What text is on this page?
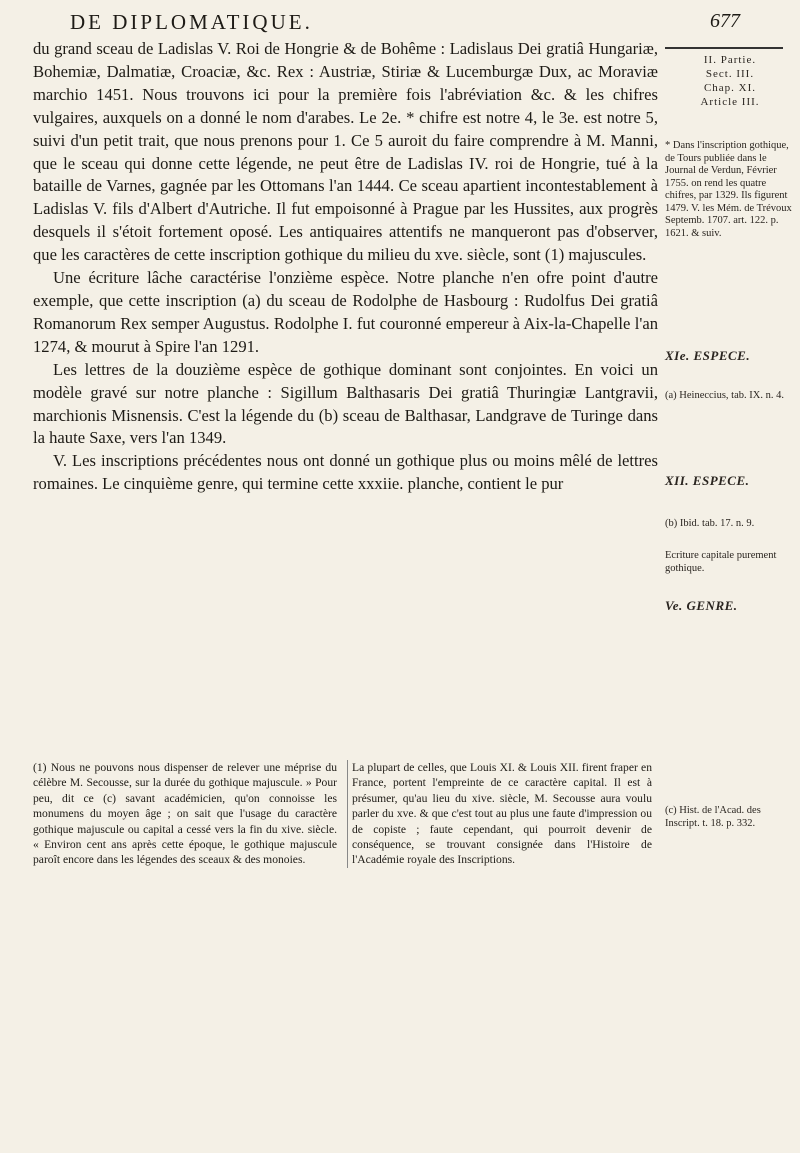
DE DIPLOMATIQUE.	677

du grand sceau de Ladislas V. Roi de Hongrie & de Bohême : Ladislaus Dei gratiâ Hungariæ, Bohemiæ, Dalmatiæ, Croaciæ, &c. Rex : Austriæ, Stiriæ & Lucemburgæ Dux, ac Moraviæ marchio 1451. Nous trouvons ici pour la première fois l'abréviation &c. & les chifres vulgaires, auxquels on a donné le nom d'arabes. Le 2e. * chifre est notre 4, le 3e. est notre 5, suivi d'un petit trait, que nous prenons pour 1. Ce 5 auroit du faire comprendre à M. Manni, que le sceau qui donne cette légende, ne peut être de Ladislas IV. roi de Hongrie, tué à la bataille de Varnes, gagnée par les Ottomans l'an 1444. Ce sceau apartient incontestablement à Ladislas V. fils d'Albert d'Autriche. Il fut empoisonné à Prague par les Hussites, aux progrès desquels il s'étoit fortement oposé. Les antiquaires attentifs ne manqueront pas d'observer, que les caractères de cette inscription gothique du milieu du xve. siècle, sont (1) majuscules.

Une écriture lâche caractérise l'onzième espèce. Notre planche n'en ofre point d'autre exemple, que cette inscription (a) du sceau de Rodolphe de Hasbourg : Rudolfus Dei gratiâ Romanorum Rex semper Augustus. Rodolphe I. fut couronné empereur à Aix-la-Chapelle l'an 1274, & mourut à Spire l'an 1291.

Les lettres de la douzième espèce de gothique dominant sont conjointes. En voici un modèle gravé sur notre planche : Sigillum Balthasaris Dei gratiâ Thuringiæ Lantgravii, marchionis Misnensis. C'est la légende du (b) sceau de Balthasar, Landgrave de Turinge dans la haute Saxe, vers l'an 1349.

V. Les inscriptions précédentes nous ont donné un gothique plus ou moins mêlé de lettres romaines. Le cinquième genre, qui termine cette xxxiie. planche, contient le pur

II. Partie.
Sect. III.
Chap. XI.
Article III.
* Dans l'inscription gothique, de Tours publiée dans le Journal de Verdun, Février 1755. on rend les quatre chifres, par 1329. Ils figurent 1479. V. les Mém. de Trévoux Septemb. 1707. art. 122. p. 1621. & suiv.
XIe. ESPECE.
(a) Heineccius, tab. IX. n. 4.
XII. ESPECE.
(b) Ibid. tab. 17. n. 9.
Ecriture capitale purement gothique.
Ve. GENRE.
(c) Hist. de l'Acad. des Inscript. t. 18. p. 332.

(1) Nous ne pouvons nous dispenser de relever une méprise du célèbre M. Secousse, sur la durée du gothique majuscule. » Pour peu, dit ce (c) savant académicien, qu'on connoisse les monumens du moyen âge ; on sait que l'usage du caractère gothique majuscule ou capital a cessé vers la fin du xive. siècle. « Environ cent ans après cette époque, le gothique majuscule paroît encore dans les légendes des sceaux & des monoies.

La plupart de celles, que Louis XI. & Louis XII. firent fraper en France, portent l'empreinte de ce caractère capital. Il est à présumer, qu'au lieu du xive. siècle, M. Secousse aura voulu parler du xve. & que c'est tout au plus une faute d'impression ou de copiste ; faute cependant, qui pourroit devenir de conséquence, se trouvant consignée dans l'Histoire de l'Académie royale des Inscriptions.
